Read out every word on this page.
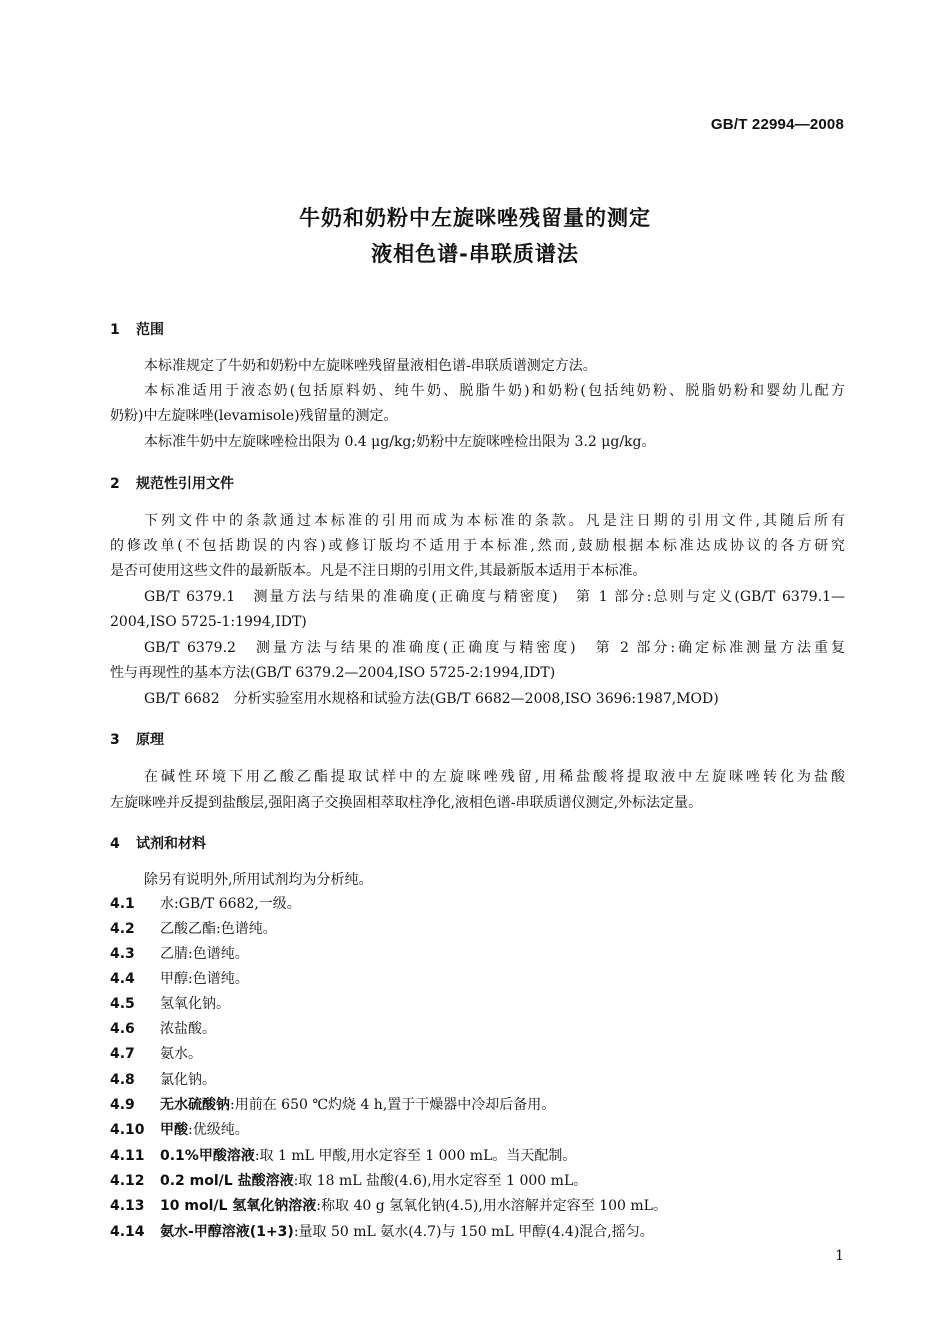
GB/T 22994—2008
牛奶和奶粉中左旋咪唑残留量的测定
液相色谱-串联质谱法
1 范围
本标准规定了牛奶和奶粉中左旋咪唑残留量液相色谱-串联质谱测定方法。
本标准适用于液态奶(包括原料奶、纯牛奶、脱脂牛奶)和奶粉(包括纯奶粉、脱脂奶粉和婴幼儿配方
奶粉)中左旋咪唑(levamisole)残留量的测定。
本标准牛奶中左旋咪唑检出限为 0.4 μg/kg;奶粉中左旋咪唑检出限为 3.2 μg/kg。
2 规范性引用文件
下列文件中的条款通过本标准的引用而成为本标准的条款。凡是注日期的引用文件,其随后所有
的修改单(不包括勘误的内容)或修订版均不适用于本标准,然而,鼓励根据本标准达成协议的各方研究
是否可使用这些文件的最新版本。凡是不注日期的引用文件,其最新版本适用于本标准。
GB/T 6379.1　测量方法与结果的准确度(正确度与精密度)　第 1 部分:总则与定义(GB/T 6379.1—
2004,ISO 5725-1:1994,IDT)
GB/T 6379.2　测量方法与结果的准确度(正确度与精密度)　第 2 部分:确定标准测量方法重复
性与再现性的基本方法(GB/T 6379.2—2004,ISO 5725-2:1994,IDT)
GB/T 6682　分析实验室用水规格和试验方法(GB/T 6682—2008,ISO 3696:1987,MOD)
3 原理
在碱性环境下用乙酸乙酯提取试样中的左旋咪唑残留,用稀盐酸将提取液中左旋咪唑转化为盐酸
左旋咪唑并反提到盐酸层,强阳离子交换固相萃取柱净化,液相色谱-串联质谱仪测定,外标法定量。
4 试剂和材料
除另有说明外,所用试剂均为分析纯。
4.1 水:GB/T 6682,一级。
4.2 乙酸乙酯:色谱纯。
4.3 乙腈:色谱纯。
4.4 甲醇:色谱纯。
4.5 氢氧化钠。
4.6 浓盐酸。
4.7 氨水。
4.8 氯化钠。
4.9 无水硫酸钠:用前在 650 ℃灼烧 4 h,置于干燥器中冷却后备用。
4.10 甲酸:优级纯。
4.11 0.1%甲酸溶液:取 1 mL 甲酸,用水定容至 1 000 mL。当天配制。
4.12 0.2 mol/L 盐酸溶液:取 18 mL 盐酸(4.6),用水定容至 1 000 mL。
4.13 10 mol/L 氢氧化钠溶液:称取 40 g 氢氧化钠(4.5),用水溶解并定容至 100 mL。
4.14 氨水-甲醇溶液(1+3):量取 50 mL 氨水(4.7)与 150 mL 甲醇(4.4)混合,摇匀。
1
